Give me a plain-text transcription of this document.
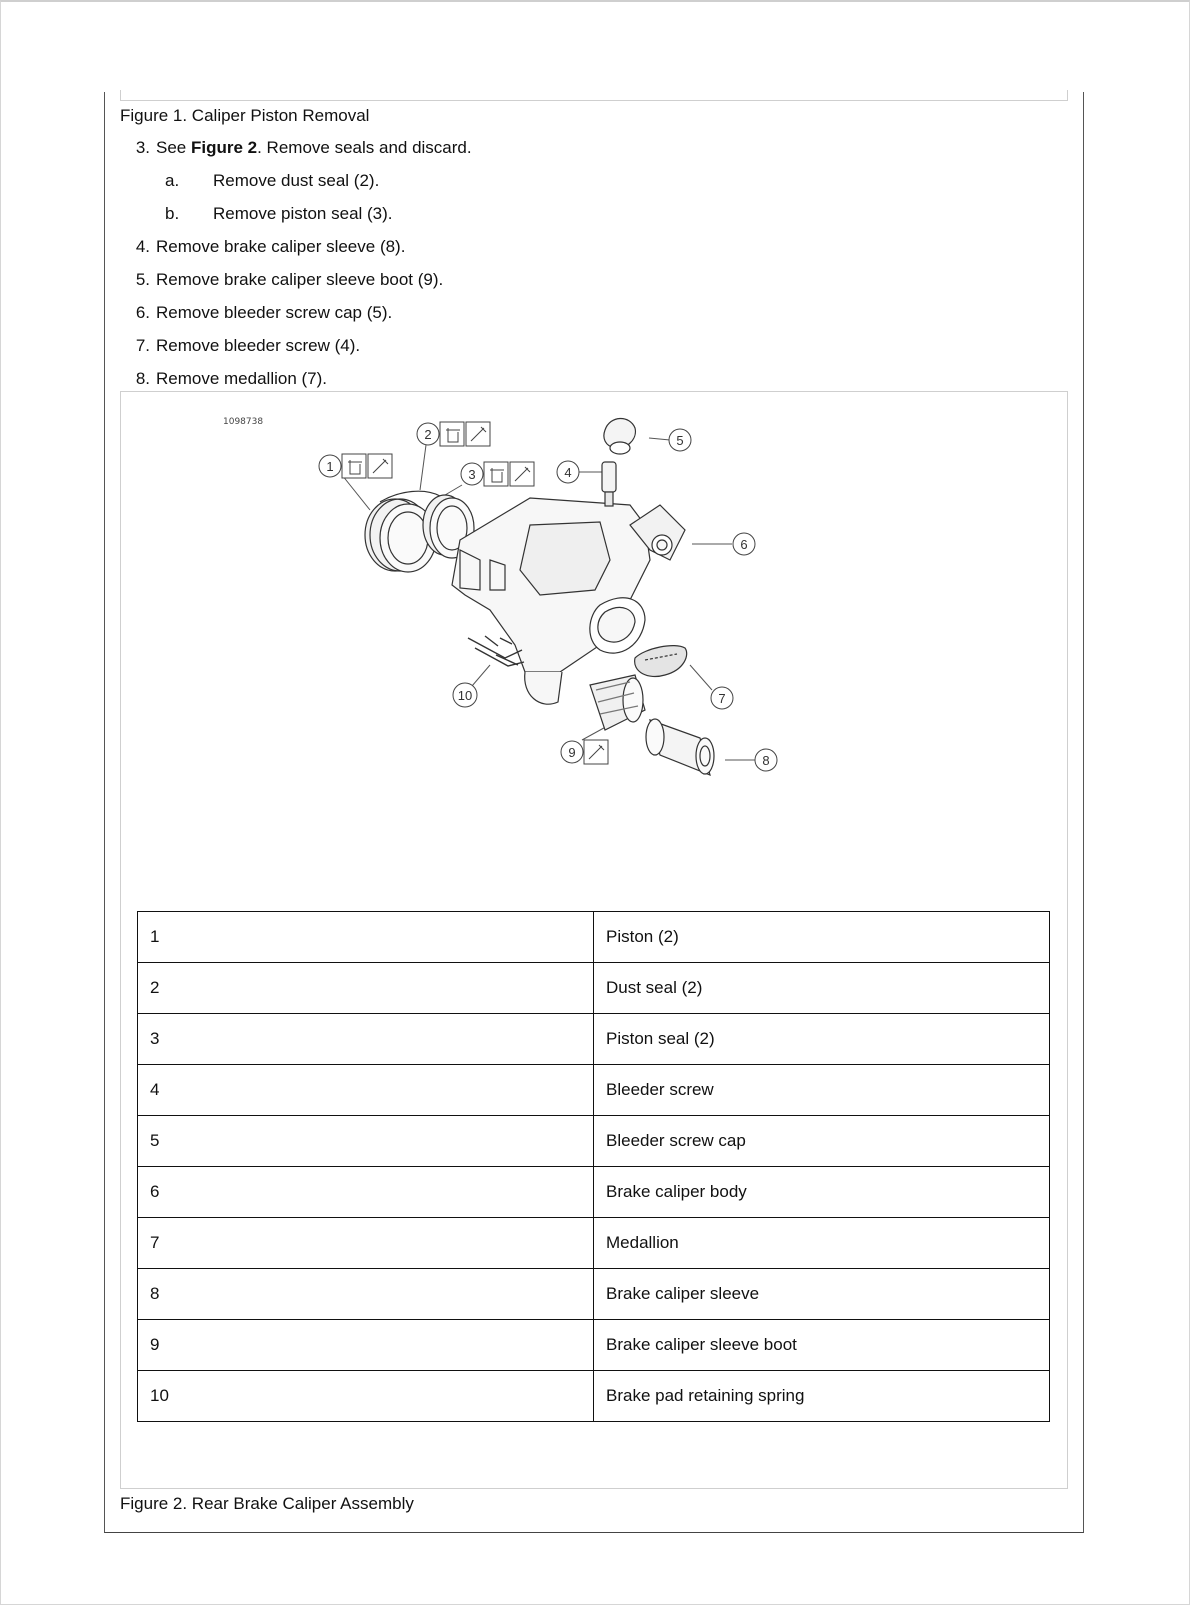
Figure 1. Caliper Piston Removal
3. See Figure 2. Remove seals and discard.
a. Remove dust seal (2).
b. Remove piston seal (3).
4. Remove brake caliper sleeve (8).
5. Remove brake caliper sleeve boot (9).
6. Remove bleeder screw cap (5).
7. Remove bleeder screw (4).
8. Remove medallion (7).
1098738
1
2
3	4
5
6
7
8
9
10
1	Piston (2)
2	Dust seal (2)
3	Piston seal (2)
4	Bleeder screw
5	Bleeder screw cap
6	Brake caliper body
7	Medallion
8	Brake caliper sleeve
9	Brake caliper sleeve boot
10	Brake pad retaining spring
Figure 2. Rear Brake Caliper Assembly
